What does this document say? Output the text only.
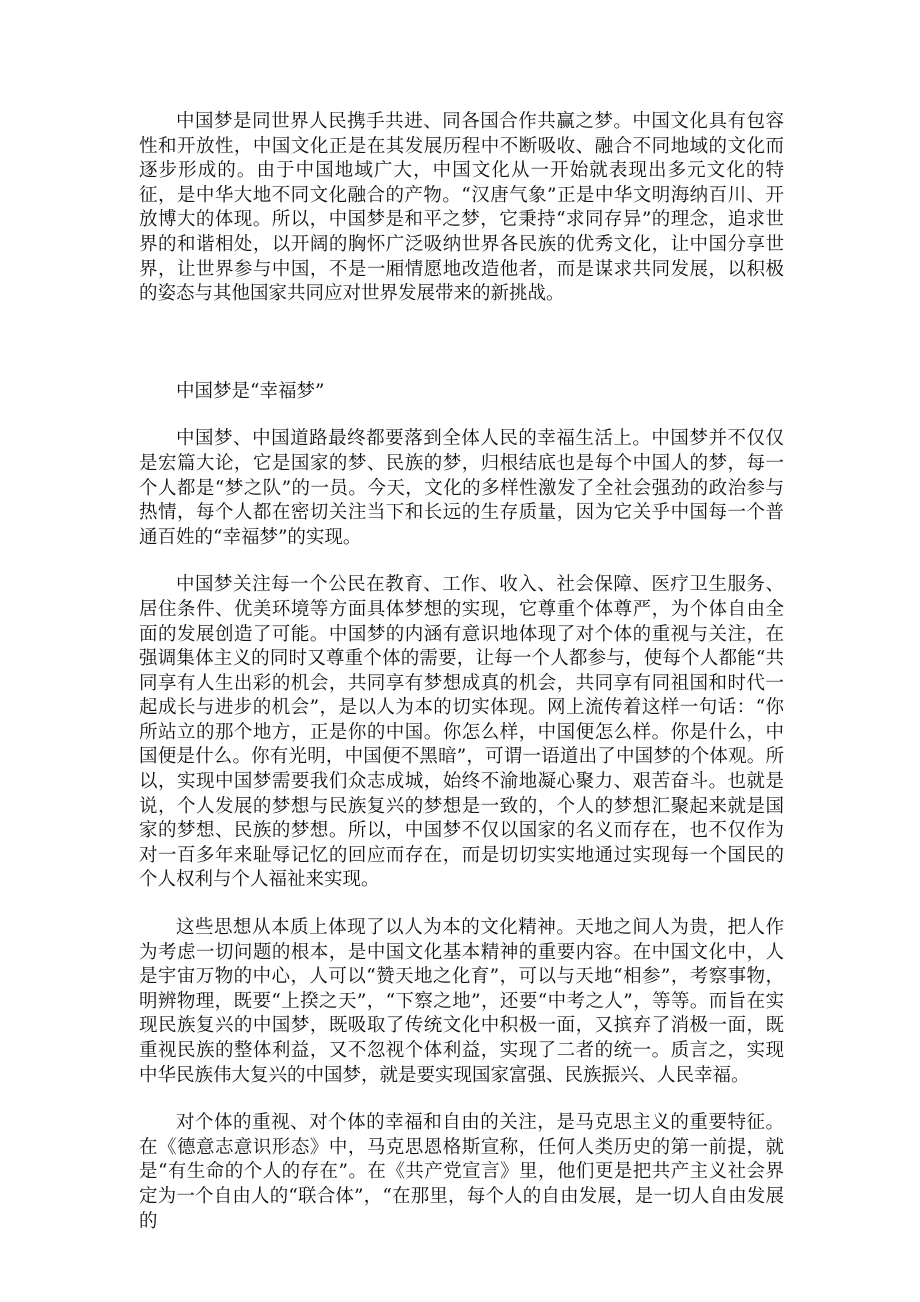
中国梦是同世界人民携手共进、同各国合作共赢之梦。中国文化具有包容性和开放性，中国文化正是在其发展历程中不断吸收、融合不同地域的文化而逐步形成的。由于中国地域广大，中国文化从一开始就表现出多元文化的特征，是中华大地不同文化融合的产物。“汉唐气象”正是中华文明海纳百川、开放博大的体现。所以，中国梦是和平之梦，它秉持“求同存异”的理念，追求世界的和谐相处，以开阔的胸怀广泛吸纳世界各民族的优秀文化，让中国分享世界，让世界参与中国，不是一厢情愿地改造他者，而是谋求共同发展，以积极的姿态与其他国家共同应对世界发展带来的新挑战。

中国梦是“幸福梦”

中国梦、中国道路最终都要落到全体人民的幸福生活上。中国梦并不仅仅是宏篇大论，它是国家的梦、民族的梦，归根结底也是每个中国人的梦，每一个人都是“梦之队”的一员。今天，文化的多样性激发了全社会强劲的政治参与热情，每个人都在密切关注当下和长远的生存质量，因为它关乎中国每一个普通百姓的“幸福梦”的实现。

中国梦关注每一个公民在教育、工作、收入、社会保障、医疗卫生服务、居住条件、优美环境等方面具体梦想的实现，它尊重个体尊严，为个体自由全面的发展创造了可能。中国梦的内涵有意识地体现了对个体的重视与关注，在强调集体主义的同时又尊重个体的需要，让每一个人都参与，使每个人都能“共同享有人生出彩的机会，共同享有梦想成真的机会，共同享有同祖国和时代一起成长与进步的机会”，是以人为本的切实体现。网上流传着这样一句话：“你所站立的那个地方，正是你的中国。你怎么样，中国便怎么样。你是什么，中国便是什么。你有光明，中国便不黑暗”，可谓一语道出了中国梦的个体观。所以，实现中国梦需要我们众志成城，始终不渝地凝心聚力、艰苦奋斗。也就是说，个人发展的梦想与民族复兴的梦想是一致的，个人的梦想汇聚起来就是国家的梦想、民族的梦想。所以，中国梦不仅以国家的名义而存在，也不仅作为对一百多年来耻辱记忆的回应而存在，而是切切实实地通过实现每一个国民的个人权利与个人福祉来实现。

这些思想从本质上体现了以人为本的文化精神。天地之间人为贵，把人作为考虑一切问题的根本，是中国文化基本精神的重要内容。在中国文化中，人是宇宙万物的中心，人可以“赞天地之化育”，可以与天地“相参”，考察事物，明辨物理，既要“上揆之天”，“下察之地”，还要“中考之人”，等等。而旨在实现民族复兴的中国梦，既吸取了传统文化中积极一面，又摈弃了消极一面，既重视民族的整体利益，又不忽视个体利益，实现了二者的统一。质言之，实现中华民族伟大复兴的中国梦，就是要实现国家富强、民族振兴、人民幸福。

对个体的重视、对个体的幸福和自由的关注，是马克思主义的重要特征。在《德意志意识形态》中，马克思恩格斯宣称，任何人类历史的第一前提，就是“有生命的个人的存在”。在《共产党宣言》里，他们更是把共产主义社会界定为一个自由人的“联合体”，“在那里，每个人的自由发展，是一切人自由发展的
